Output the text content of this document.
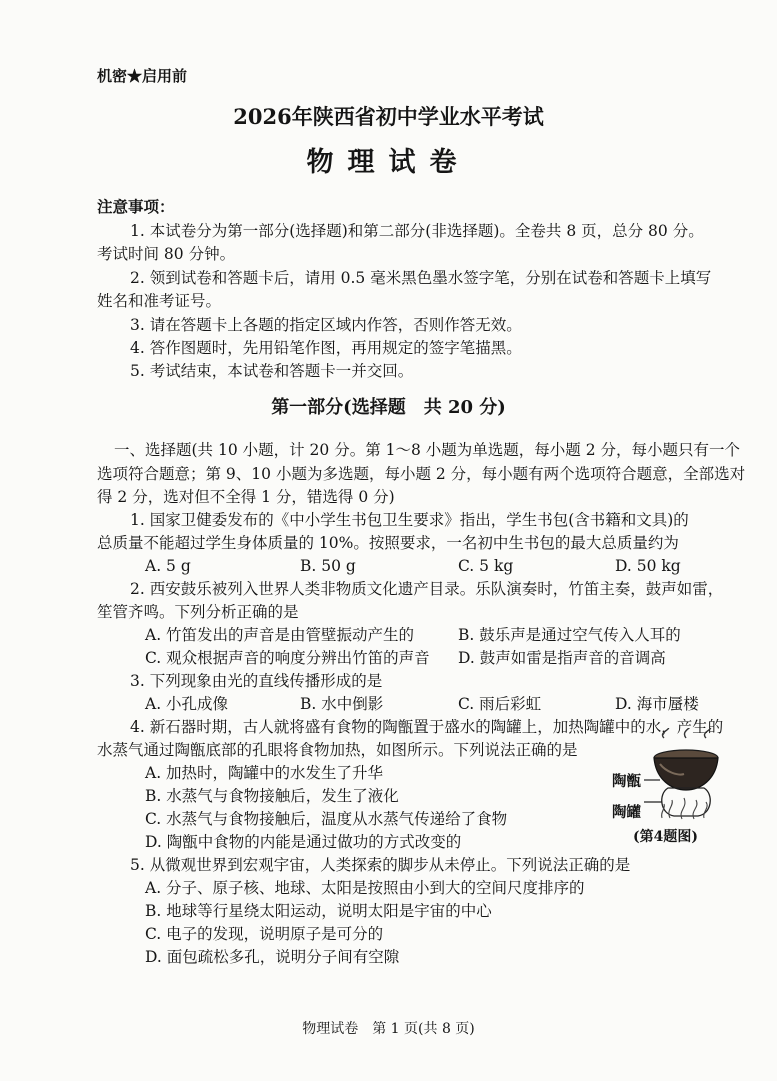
机密★启用前
2026年陕西省初中学业水平考试
物理试卷
注意事项：
1. 本试卷分为第一部分(选择题)和第二部分(非选择题)。全卷共 8 页，总分 80 分。
考试时间 80 分钟。
2. 领到试卷和答题卡后，请用 0.5 毫米黑色墨水签字笔，分别在试卷和答题卡上填写
姓名和准考证号。
3. 请在答题卡上各题的指定区域内作答，否则作答无效。
4. 答作图题时，先用铅笔作图，再用规定的签字笔描黑。
5. 考试结束，本试卷和答题卡一并交回。
第一部分(选择题　共 20 分)
一、选择题(共 10 小题，计 20 分。第 1～8 小题为单选题，每小题 2 分，每小题只有一个
选项符合题意；第 9、10 小题为多选题，每小题 2 分，每小题有两个选项符合题意，全部选对
得 2 分，选对但不全得 1 分，错选得 0 分)
1. 国家卫健委发布的《中小学生书包卫生要求》指出，学生书包(含书籍和文具)的
总质量不能超过学生身体质量的 10%。按照要求，一名初中生书包的最大总质量约为
A. 5 g	B. 50 g	C. 5 kg	D. 50 kg
2. 西安鼓乐被列入世界人类非物质文化遗产目录。乐队演奏时，竹笛主奏，鼓声如雷，
笙管齐鸣。下列分析正确的是
A. 竹笛发出的声音是由管壁振动产生的	B. 鼓乐声是通过空气传入人耳的
C. 观众根据声音的响度分辨出竹笛的声音 D. 鼓声如雷是指声音的音调高
3. 下列现象由光的直线传播形成的是
A. 小孔成像	B. 水中倒影	C. 雨后彩虹	D. 海市蜃楼
4. 新石器时期，古人就将盛有食物的陶甑置于盛水的陶罐上，加热陶罐中的水，产生的
水蒸气通过陶甑底部的孔眼将食物加热，如图所示。下列说法正确的是
A. 加热时，陶罐中的水发生了升华
B. 水蒸气与食物接触后，发生了液化
C. 水蒸气与食物接触后，温度从水蒸气传递给了食物
D. 陶甑中食物的内能是通过做功的方式改变的
陶甑
陶罐
(第4题图)
5. 从微观世界到宏观宇宙，人类探索的脚步从未停止。下列说法正确的是
A. 分子、原子核、地球、太阳是按照由小到大的空间尺度排序的
B. 地球等行星绕太阳运动，说明太阳是宇宙的中心
C. 电子的发现，说明原子是可分的
D. 面包疏松多孔，说明分子间有空隙
物理试卷　第 1 页(共 8 页)
